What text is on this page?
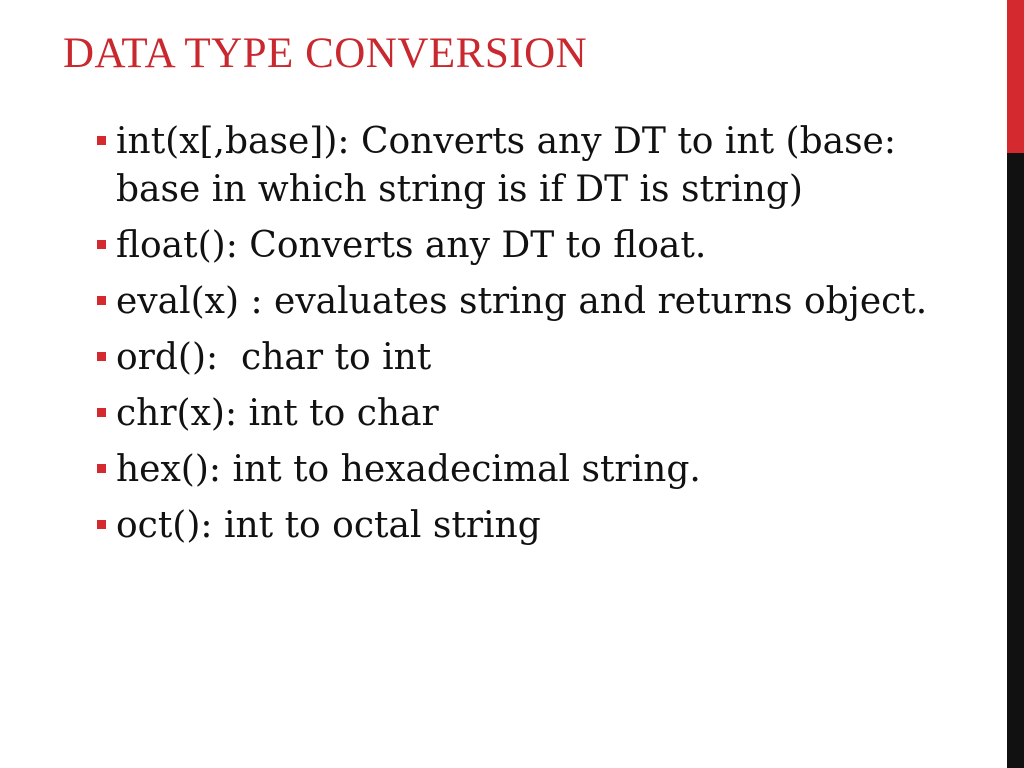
DATA TYPE CONVERSION
int(x[,base]): Converts any DT to int (base: base in which string is if DT is string)
float(): Converts any DT to float.
eval(x) : evaluates string and returns object.
ord():  char to int
chr(x): int to char
hex(): int to hexadecimal string.
oct(): int to octal string
